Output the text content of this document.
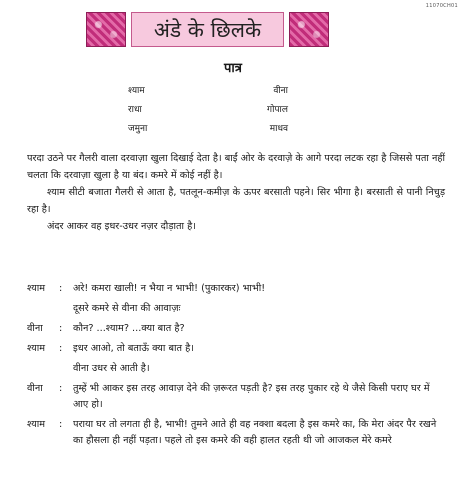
11070CH01
अंडे के छिलके
पात्र
श्याम	वीना
राधा	गोपाल
जमुना	माधव

परदा उठने पर गैलरी वाला दरवाज़ा खुला दिखाई देता है। बाईं ओर के दरवाज़े के आगे परदा लटक रहा है जिससे पता नहीं चलता कि दरवाज़ा खुला है या बंद। कमरे में कोई नहीं है।

श्याम सीटी बजाता गैलरी से आता है, पतलून-कमीज़ के ऊपर बरसाती पहने। सिर भीगा है। बरसाती से पानी निचुड़ रहा है।

अंदर आकर वह इधर-उधर नज़र दौड़ाता है।

श्याम	:	अरे! कमरा खाली! न भैया न भाभी! (पुकारकर) भाभी!
दूसरे कमरे से वीना की आवाज़ः
वीना	:	कौन? ...श्याम? ...क्या बात है?
श्याम	:	इधर आओ, तो बताऊँ क्या बात है।
वीना उधर से आती है।
वीना	:	तुम्हें भी आकर इस तरह आवाज़ देने की ज़रूरत पड़ती है? इस तरह पुकार रहे थे जैसे किसी पराए घर में आए हो।
श्याम	:	पराया घर तो लगता ही है, भाभी! तुमने आते ही वह नक्शा बदला है इस कमरे का, कि मेरा अंदर पैर रखने का हौसला ही नहीं पड़ता। पहले तो इस कमरे की वही हालत रहती थी जो आजकल मेरे कमरे
